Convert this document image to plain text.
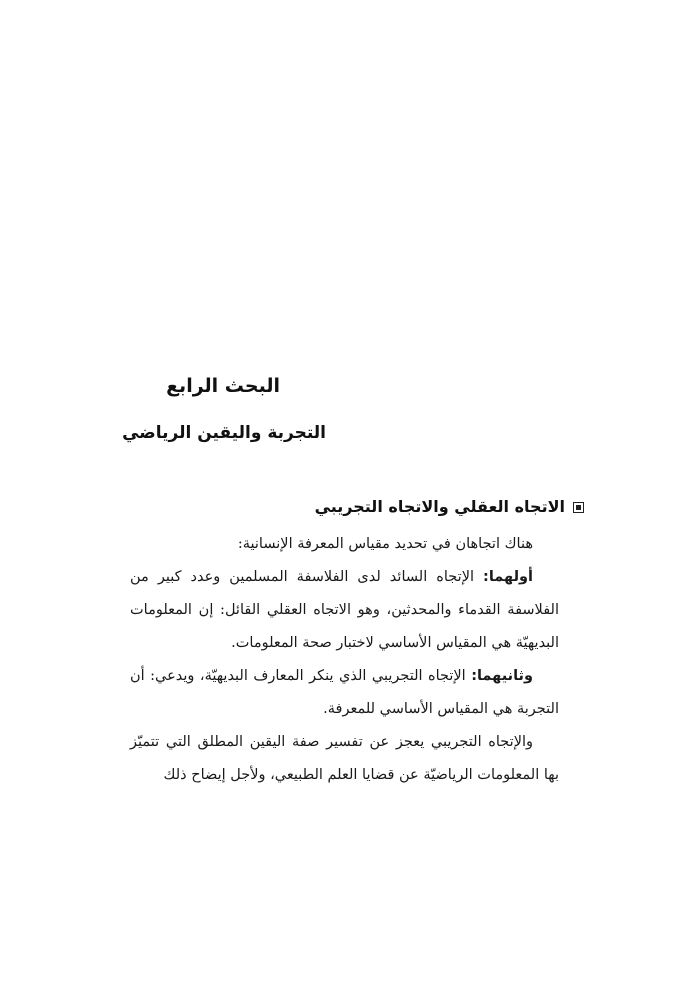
البحث الرابع
التجربة واليقين الرياضي
الاتجاه العقلي والاتجاه التجريبي

هناك اتجاهان في تحديد مقياس المعرفة الإنسانية:

أولهما: الإتجاه السائد لدى الفلاسفة المسلمين وعدد كبير من الفلاسفة القدماء والمحدثين، وهو الاتجاه العقلي القائل: إن المعلومات البديهيّة هي المقياس الأساسي لاختبار صحة المعلومات.

وثانيهما: الإتجاه التجريبي الذي ينكر المعارف البديهيّة، ويدعي: أن التجربة هي المقياس الأساسي للمعرفة.

والإتجاه التجريبي يعجز عن تفسير صفة اليقين المطلق التي تتميّز بها المعلومات الرياضيّة عن قضايا العلم الطبيعي، ولأجل إيضاح ذلك
